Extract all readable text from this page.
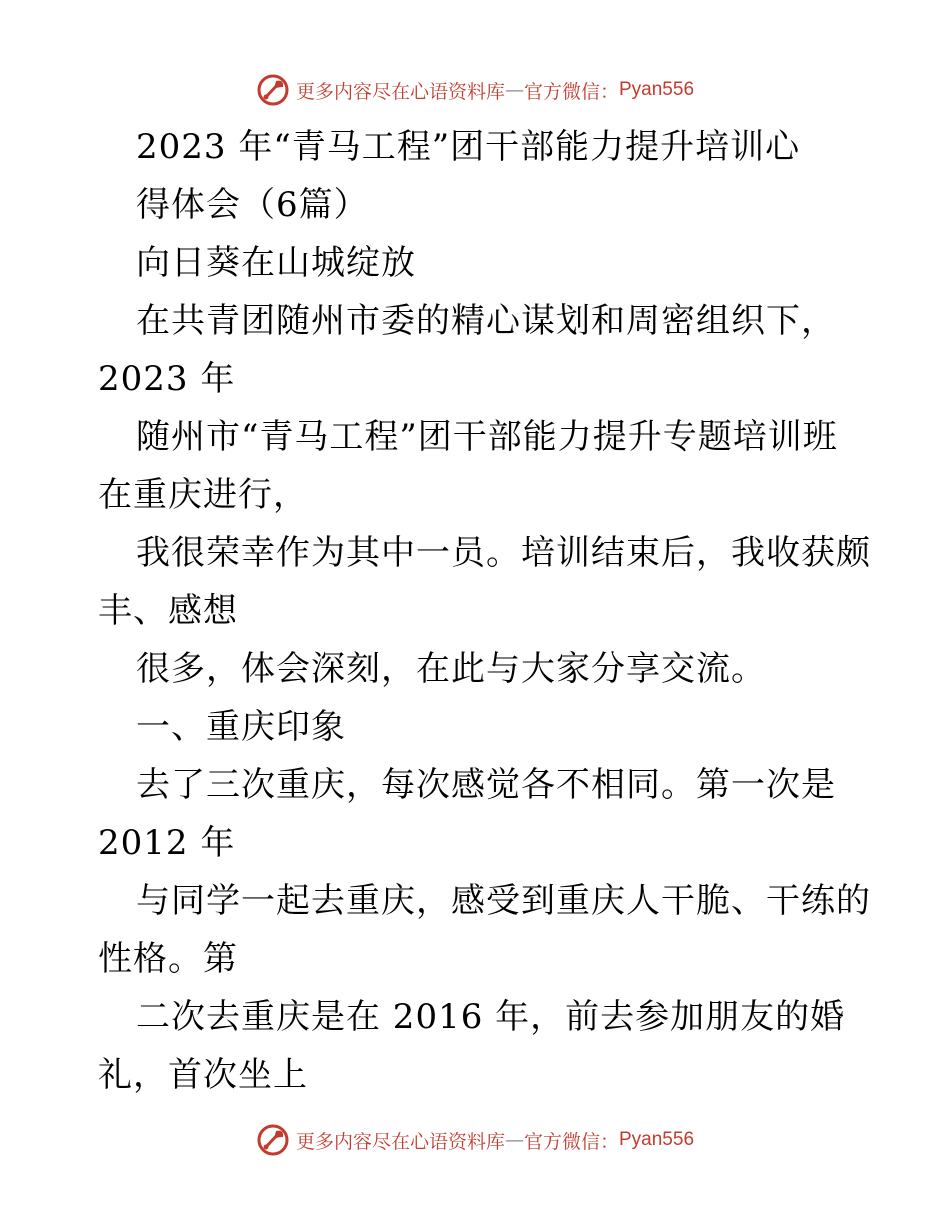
更多内容尽在心语资料库 — 官方微信： Pyan556
2023 年“青马工程”团干部能力提升培训心
得体会（6篇）
向日葵在山城绽放
在共青团随州市委的精心谋划和周密组织下，
2023 年
随州市“青马工程”团干部能力提升专题培训班
在重庆进行，
我很荣幸作为其中一员。培训结束后，我收获颇
丰、感想
很多，体会深刻，在此与大家分享交流。
一、重庆印象
去了三次重庆，每次感觉各不相同。第一次是
2012 年
与同学一起去重庆，感受到重庆人干脆、干练的
性格。第
二次去重庆是在 2016 年，前去参加朋友的婚
礼，首次坐上
更多内容尽在心语资料库 — 官方微信： Pyan556
